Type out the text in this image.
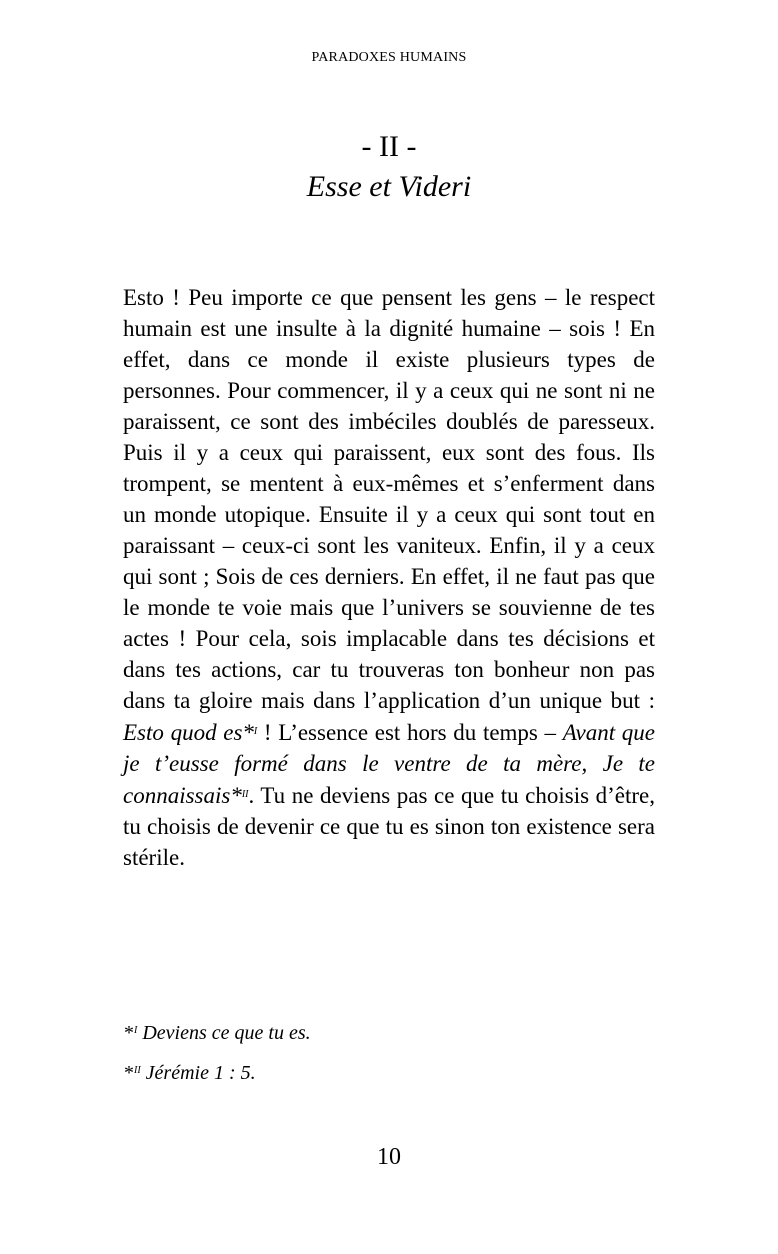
PARADOXES HUMAINS
- II -
Esse et Videri

Esto ! Peu importe ce que pensent les gens – le respect humain est une insulte à la dignité humaine – sois ! En effet, dans ce monde il existe plusieurs types de personnes. Pour commencer, il y a ceux qui ne sont ni ne paraissent, ce sont des imbéciles doublés de paresseux. Puis il y a ceux qui paraissent, eux sont des fous. Ils trompent, se mentent à eux-mêmes et s’enferment dans un monde utopique. Ensuite il y a ceux qui sont tout en paraissant – ceux-ci sont les vaniteux. Enfin, il y a ceux qui sont ; Sois de ces derniers. En effet, il ne faut pas que le monde te voie mais que l’univers se souvienne de tes actes ! Pour cela, sois implacable dans tes décisions et dans tes actions, car tu trouveras ton bonheur non pas dans ta gloire mais dans l’application d’un unique but : Esto quod es*$^I$ ! L’essence est hors du temps – Avant que je t’eusse formé dans le ventre de ta mère, Je te connaissais*$^{II}$. Tu ne deviens pas ce que tu choisis d’être, tu choisis de devenir ce que tu es sinon ton existence sera stérile.

*$^I$ Deviens ce que tu es.

*$^{II}$ Jérémie 1 : 5.

10
